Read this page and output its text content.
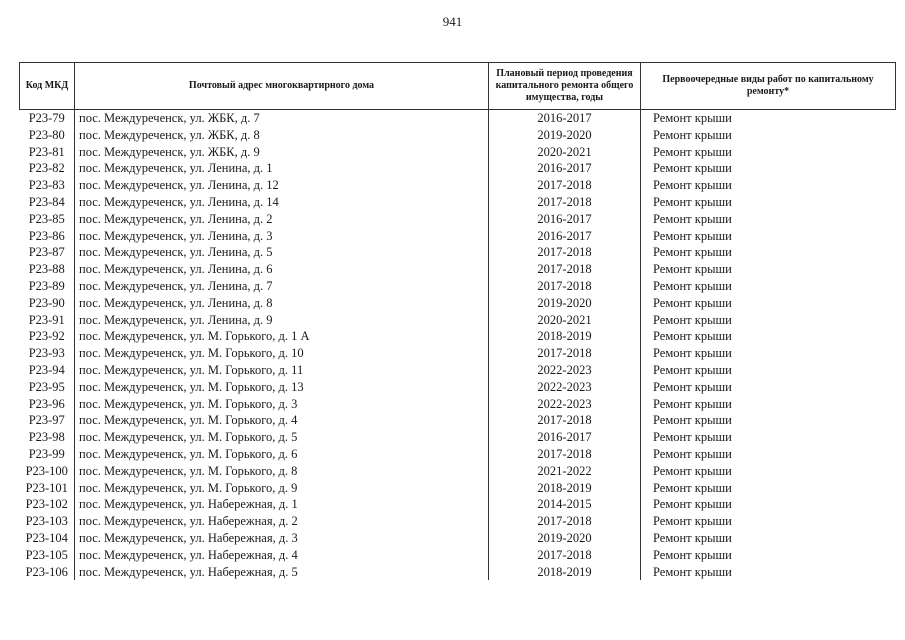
941
Код МКД	Почтовый адрес многоквартирного дома	Плановый период проведения капитального ремонта общего имущества, годы	Первоочередные виды работ по капитальному ремонту*
P23-79	пос. Междуреченск, ул. ЖБК, д. 7	2016-2017	Ремонт крыши
P23-80	пос. Междуреченск, ул. ЖБК, д. 8	2019-2020	Ремонт крыши
P23-81	пос. Междуреченск, ул. ЖБК, д. 9	2020-2021	Ремонт крыши
P23-82	пос. Междуреченск, ул. Ленина, д. 1	2016-2017	Ремонт крыши
P23-83	пос. Междуреченск, ул. Ленина, д. 12	2017-2018	Ремонт крыши
P23-84	пос. Междуреченск, ул. Ленина, д. 14	2017-2018	Ремонт крыши
P23-85	пос. Междуреченск, ул. Ленина, д. 2	2016-2017	Ремонт крыши
P23-86	пос. Междуреченск, ул. Ленина, д. 3	2016-2017	Ремонт крыши
P23-87	пос. Междуреченск, ул. Ленина, д. 5	2017-2018	Ремонт крыши
P23-88	пос. Междуреченск, ул. Ленина, д. 6	2017-2018	Ремонт крыши
P23-89	пос. Междуреченск, ул. Ленина, д. 7	2017-2018	Ремонт крыши
P23-90	пос. Междуреченск, ул. Ленина, д. 8	2019-2020	Ремонт крыши
P23-91	пос. Междуреченск, ул. Ленина, д. 9	2020-2021	Ремонт крыши
P23-92	пос. Междуреченск, ул. М. Горького, д. 1 А	2018-2019	Ремонт крыши
P23-93	пос. Междуреченск, ул. М. Горького, д. 10	2017-2018	Ремонт крыши
P23-94	пос. Междуреченск, ул. М. Горького, д. 11	2022-2023	Ремонт крыши
P23-95	пос. Междуреченск, ул. М. Горького, д. 13	2022-2023	Ремонт крыши
P23-96	пос. Междуреченск, ул. М. Горького, д. 3	2022-2023	Ремонт крыши
P23-97	пос. Междуреченск, ул. М. Горького, д. 4	2017-2018	Ремонт крыши
P23-98	пос. Междуреченск, ул. М. Горького, д. 5	2016-2017	Ремонт крыши
P23-99	пос. Междуреченск, ул. М. Горького, д. 6	2017-2018	Ремонт крыши
P23-100	пос. Междуреченск, ул. М. Горького, д. 8	2021-2022	Ремонт крыши
P23-101	пос. Междуреченск, ул. М. Горького, д. 9	2018-2019	Ремонт крыши
P23-102	пос. Междуреченск, ул. Набережная, д. 1	2014-2015	Ремонт крыши
P23-103	пос. Междуреченск, ул. Набережная, д. 2	2017-2018	Ремонт крыши
P23-104	пос. Междуреченск, ул. Набережная, д. 3	2019-2020	Ремонт крыши
P23-105	пос. Междуреченск, ул. Набережная, д. 4	2017-2018	Ремонт крыши
P23-106	пос. Междуреченск, ул. Набережная, д. 5	2018-2019	Ремонт крыши
